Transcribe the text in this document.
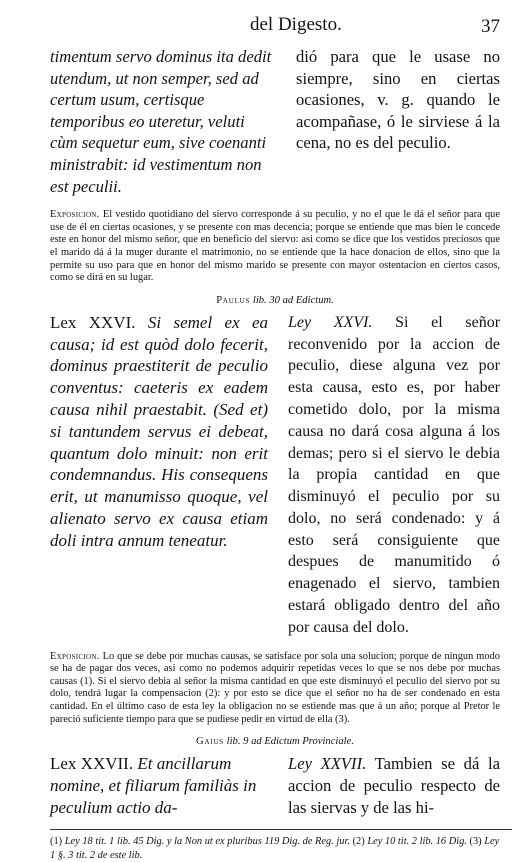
del Digesto.	37
timentum servo dominus ita dedit utendum, ut non semper, sed ad certum usum, certisque temporibus eo uteretur, veluti cùm sequetur eum, sive coenanti ministrabit: id vestimentum non est peculii.
dió para que le usase no siempre, sino en ciertas ocasiones, v. g. quando le acompañase, ó le sirviese á la cena, no es del peculio.
Exposicion. El vestido quotidiano del siervo corresponde á su peculio, y no el que le dá el señor para que use de él en ciertas ocasiones, y se presente con mas decencia; porque se entiende que mas bien le concede este en honor del mismo señor, que en beneficio del siervo: asi como se dice que los vestidos preciosos que el marido dá á la muger durante el matrimonio, no se entiende que la hace donacion de ellos, sino que la permite su uso para que en honor del mismo marido se presente con mayor ostentacion en ciertos casos, como se dirá en su lugar.
Paulus lib. 30 ad Edictum.
Lex XXVI. Si semel ex ea causa; id est quòd dolo fecerit, dominus praestiterit de peculio conventus: caeteris ex eadem causa nihil praestabit. (Sed et) si tantundem servus ei debeat, quantum dolo minuit: non erit condemnandus. His consequens erit, ut manumisso quoque, vel alienato servo ex causa etiam doli intra annum teneatur.
Ley XXVI. Si el señor reconvenido por la accion de peculio, diese alguna vez por esta causa, esto es, por haber cometido dolo, por la misma causa no dará cosa alguna á los demas; pero si el siervo le debia la propia cantidad en que disminuyó el peculio por su dolo, no será condenado: y á esto será consiguiente que despues de manumitido ó enagenado el siervo, tambien estará obligado dentro del año por causa del dolo.
Exposicion. Lo que se debe por muchas causas, se satisface por sola una solucion; porque de ningun modo se ha de pagar dos veces, asi como no podemos adquirir repetidas veces lo que se nos debe por muchas causas (1). Si el siervo debia al señor la misma cantidad en que este disminuyó el peculio del siervo por su dolo, tendrá lugar la compensacion (2): y por esto se dice que el señor no ha de ser condenado en esta cantidad. En el último caso de esta ley la obligacion no se estiende mas que á un año; porque al Pretor le pareció suficiente tiempo para que se pudiese pedir en virtud de ella (3).
Gaius lib. 9 ad Edictum Provinciale.
Lex XXVII. Et ancillarum nomine, et filiarum familiàs in peculium actio da-
Ley XXVII. Tambien se dá la accion de peculio respecto de las siervas y de las hi-
(1) Ley 18 tit. 1 lib. 45 Dig. y la Non ut ex pluribus 119 Dig. de Reg. jur. (2) Ley 10 tit. 2 lib. 16 Dig. (3) Ley 1 §. 3 tit. 2 de este lib.
